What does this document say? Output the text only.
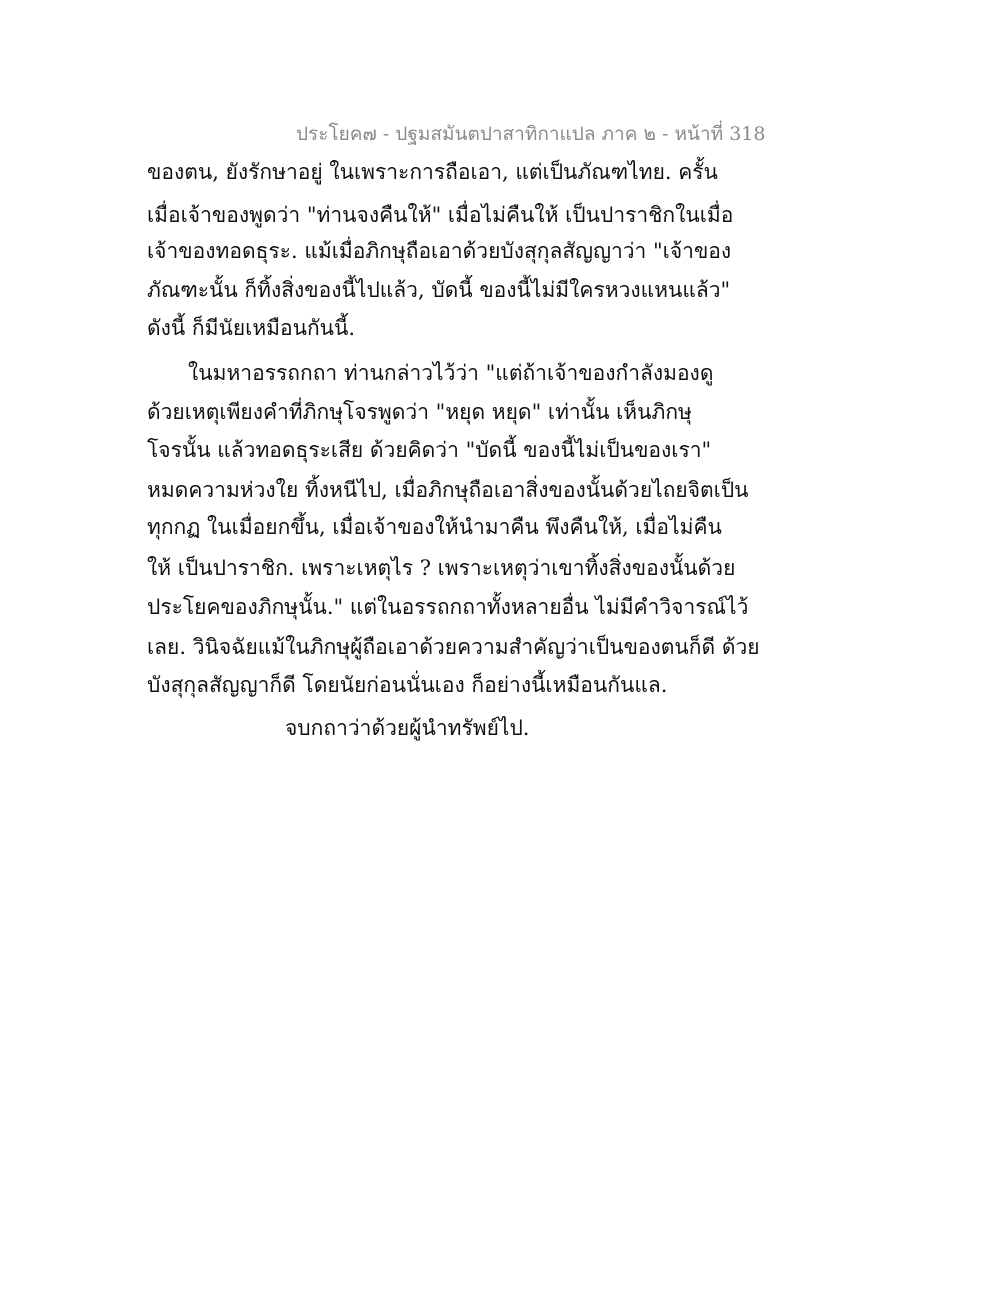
ประโยค๗ - ปฐมสมันตปาสาทิกาแปล ภาค ๒ - หน้าที่ 318
ของตน, ยังรักษาอยู่ ในเพราะการถือเอา, แต่เป็นภัณฑไทย. ครั้น
เมื่อเจ้าของพูดว่า "ท่านจงคืนให้" เมื่อไม่คืนให้ เป็นปาราชิกในเมื่อ
เจ้าของทอดธุระ. แม้เมื่อภิกษุถือเอาด้วยบังสุกุลสัญญาว่า "เจ้าของ
ภัณฑะนั้น ก็ทิ้งสิ่งของนี้ไปแล้ว, บัดนี้ ของนี้ไม่มีใครหวงแหนแล้ว"
ดังนี้ ก็มีนัยเหมือนกันนี้.
ในมหาอรรถกถา ท่านกล่าวไว้ว่า "แต่ถ้าเจ้าของกำลังมองดู
ด้วยเหตุเพียงคำที่ภิกษุโจรพูดว่า "หยุด หยุด" เท่านั้น เห็นภิกษุ
โจรนั้น แล้วทอดธุระเสีย ด้วยคิดว่า "บัดนี้ ของนี้ไม่เป็นของเรา"
หมดความห่วงใย ทิ้งหนีไป, เมื่อภิกษุถือเอาสิ่งของนั้นด้วยไถยจิตเป็น
ทุกกฏ ในเมื่อยกขึ้น, เมื่อเจ้าของให้นำมาคืน พึงคืนให้, เมื่อไม่คืน
ให้ เป็นปาราชิก. เพราะเหตุไร ? เพราะเหตุว่าเขาทิ้งสิ่งของนั้นด้วย
ประโยคของภิกษุนั้น." แต่ในอรรถกถาทั้งหลายอื่น ไม่มีคำวิจารณ์ไว้
เลย. วินิจฉัยแม้ในภิกษุผู้ถือเอาด้วยความสำคัญว่าเป็นของตนก็ดี ด้วย
บังสุกุลสัญญาก็ดี โดยนัยก่อนนั่นเอง ก็อย่างนี้เหมือนกันแล.
จบกถาว่าด้วยผู้นำทรัพย์ไป.
